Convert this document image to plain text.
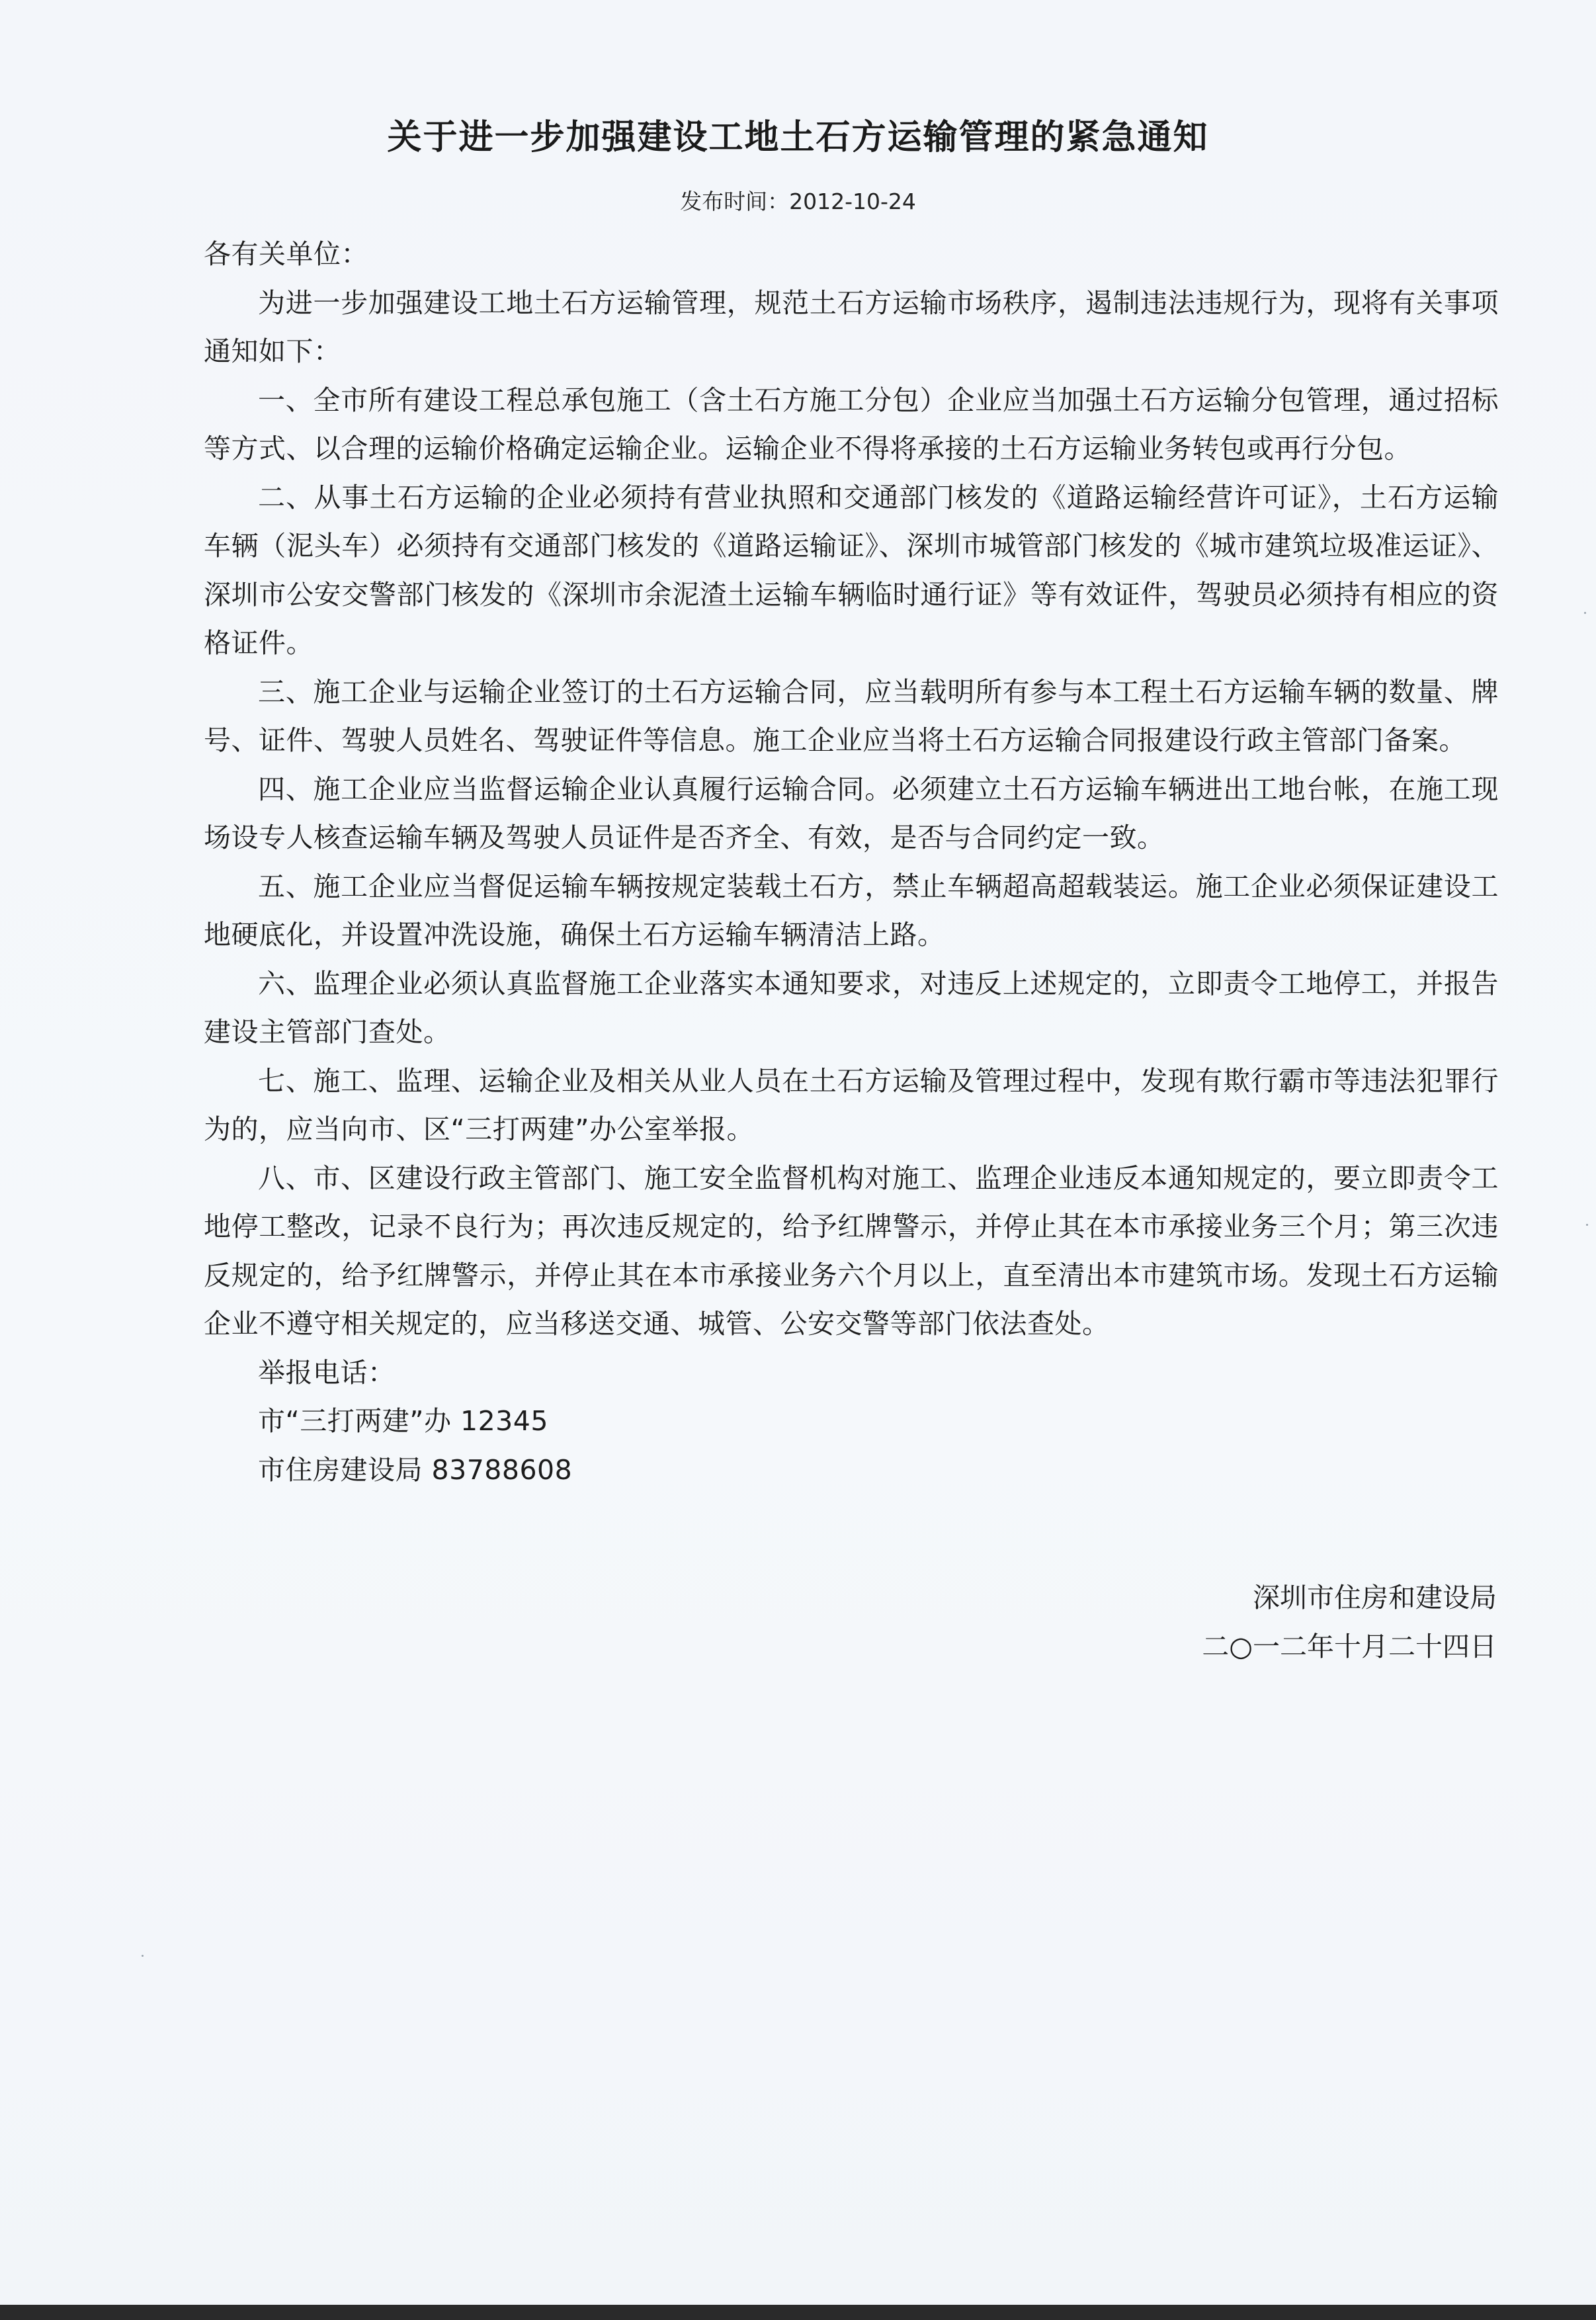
关于进一步加强建设工地土石方运输管理的紧急通知
发布时间：2012-10-24

各有关单位：

为进一步加强建设工地土石方运输管理，规范土石方运输市场秩序，遏制违法违规行为，现将有关事项通知如下：

一、全市所有建设工程总承包施工（含土石方施工分包）企业应当加强土石方运输分包管理，通过招标等方式、以合理的运输价格确定运输企业。运输企业不得将承接的土石方运输业务转包或再行分包。

二、从事土石方运输的企业必须持有营业执照和交通部门核发的《道路运输经营许可证》，土石方运输车辆（泥头车）必须持有交通部门核发的《道路运输证》、深圳市城管部门核发的《城市建筑垃圾准运证》、深圳市公安交警部门核发的《深圳市余泥渣土运输车辆临时通行证》等有效证件，驾驶员必须持有相应的资格证件。

三、施工企业与运输企业签订的土石方运输合同，应当载明所有参与本工程土石方运输车辆的数量、牌号、证件、驾驶人员姓名、驾驶证件等信息。施工企业应当将土石方运输合同报建设行政主管部门备案。

四、施工企业应当监督运输企业认真履行运输合同。必须建立土石方运输车辆进出工地台帐，在施工现场设专人核查运输车辆及驾驶人员证件是否齐全、有效，是否与合同约定一致。

五、施工企业应当督促运输车辆按规定装载土石方，禁止车辆超高超载装运。施工企业必须保证建设工地硬底化，并设置冲洗设施，确保土石方运输车辆清洁上路。

六、监理企业必须认真监督施工企业落实本通知要求，对违反上述规定的，立即责令工地停工，并报告建设主管部门查处。

七、施工、监理、运输企业及相关从业人员在土石方运输及管理过程中，发现有欺行霸市等违法犯罪行为的，应当向市、区“三打两建”办公室举报。

八、市、区建设行政主管部门、施工安全监督机构对施工、监理企业违反本通知规定的，要立即责令工地停工整改，记录不良行为；再次违反规定的，给予红牌警示，并停止其在本市承接业务三个月；第三次违反规定的，给予红牌警示，并停止其在本市承接业务六个月以上，直至清出本市建筑市场。发现土石方运输企业不遵守相关规定的，应当移送交通、城管、公安交警等部门依法查处。

举报电话：

市“三打两建”办 12345

市住房建设局 83788608

深圳市住房和建设局

二○一二年十月二十四日
